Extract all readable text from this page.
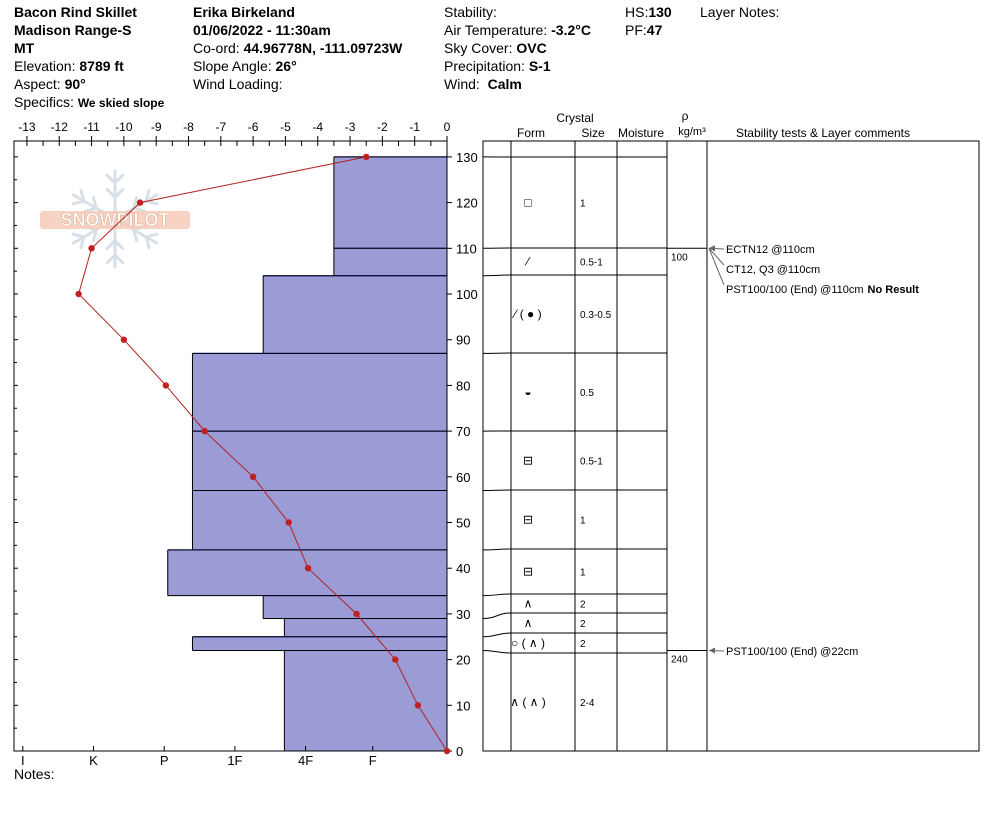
Bacon Rind Skillet
Madison Range-S
MT
Elevation: 8789 ft
Aspect: 90°
Specifics: We skied slope
Erika Birkeland
01/06/2022 - 11:30am
Co-ord: 44.96778N, -111.09723W
Slope Angle: 26°
Wind Loading:
Stability:
Air Temperature: -3.2°C
Sky Cover: OVC
Precipitation: S-1
Wind: Calm
HS:130
PF:47
Layer Notes:
Notes:
SNOWPILOT
-13 -12 -11 -10 -9 -8 -7 -6 -5 -4 -3 -2 -1 0
0
10
20
30
40
50
60
70
80
90
100
110
120
130
I	K	P	1F	4F	F
Crystal
Form	Size Moisture
ρ
kg/m³	Stability tests & Layer comments
□	1
⁄	0.5-1
⁄ ( ● )	0.3-0.5
◒	0.5
⊟	0.5-1
⊟	1
⊟	1
∧	2
∧	2
○ ( ∧ )	2
∧ ( ∧ )	2-4
100
240
ECTN12 @110cm
CT12, Q3 @110cm
PST100/100 (End) @110cm No Result
PST100/100 (End) @22cm
